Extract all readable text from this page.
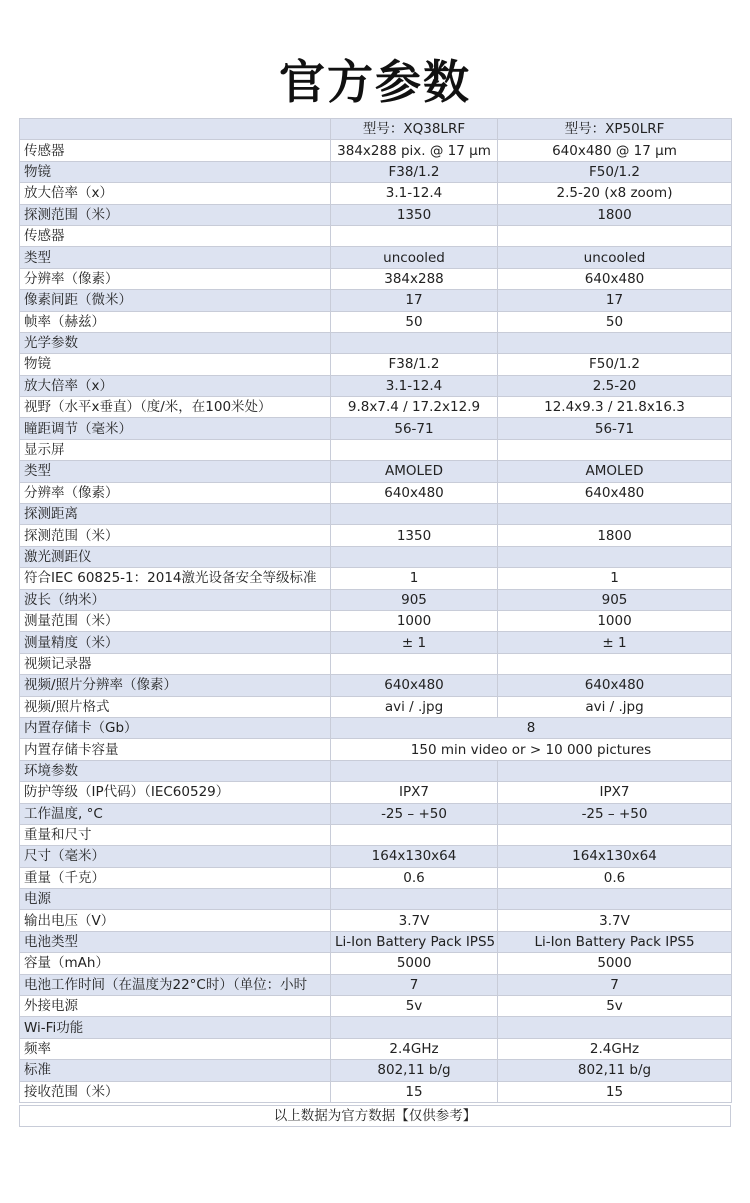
官方参数
	型号：XQ38LRF	型号：XP50LRF
传感器	384x288 pix. @ 17 μm	640x480 @ 17 μm
物镜	F38/1.2	F50/1.2
放大倍率（x）	3.1-12.4	2.5-20 (x8 zoom)
探测范围（米）	1350	1800
传感器		
类型	uncooled	uncooled
分辨率（像素）	384x288	640x480
像素间距（微米）	17	17
帧率（赫兹）	50	50
光学参数		
物镜	F38/1.2	F50/1.2
放大倍率（x）	3.1-12.4	2.5-20
视野（水平x垂直）（度/米，在100米处）	9.8x7.4 / 17.2x12.9	12.4x9.3 / 21.8x16.3
瞳距调节（毫米）	56-71	56-71
显示屏		
类型	AMOLED	AMOLED
分辨率（像素）	640x480	640x480
探测距离		
探测范围（米）	1350	1800
激光测距仪		
符合IEC 60825-1：2014激光设备安全等级标准	1	1
波长（纳米）	905	905
测量范围（米）	1000	1000
测量精度（米）	± 1	± 1
视频记录器		
视频/照片分辨率（像素）	640x480	640x480
视频/照片格式	avi / .jpg	avi / .jpg
内置存储卡（Gb）	8	
内置存储卡容量	150 min video or > 10 000 pictures	
环境参数		
防护等级（IP代码）（IEC60529）	IPX7	IPX7
工作温度, °C	-25 – +50	-25 – +50
重量和尺寸		
尺寸（毫米）	164x130x64	164x130x64
重量（千克）	0.6	0.6
电源		
输出电压（V）	3.7V	3.7V
电池类型	Li-Ion Battery Pack IPS5	Li-Ion Battery Pack IPS5
容量（mAh）	5000	5000
电池工作时间（在温度为22°C时）（单位：小时	7	7
外接电源	5v	5v
Wi-Fi功能		
频率	2.4GHz	2.4GHz
标准	802,11 b/g	802,11 b/g
接收范围（米）	15	15
以上数据为官方数据【仅供参考】
